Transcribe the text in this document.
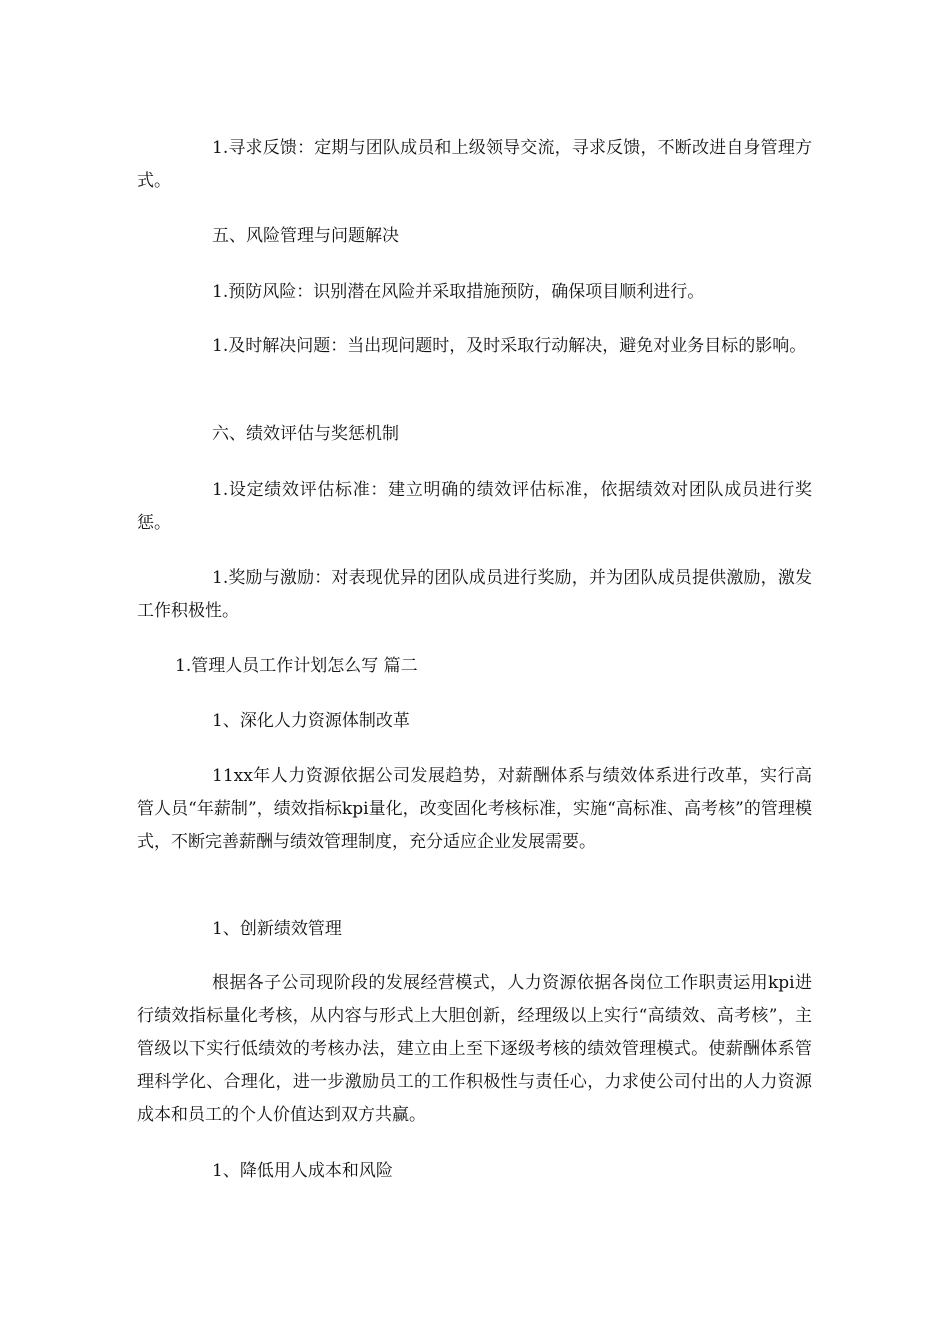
1.寻求反馈：定期与团队成员和上级领导交流，寻求反馈，不断改进自身管理方式。

五、风险管理与问题解决

1.预防风险：识别潜在风险并采取措施预防，确保项目顺利进行。

1.及时解决问题：当出现问题时，及时采取行动解决，避免对业务目标的影响。

六、绩效评估与奖惩机制

1.设定绩效评估标准：建立明确的绩效评估标准，依据绩效对团队成员进行奖惩。

1.奖励与激励：对表现优异的团队成员进行奖励，并为团队成员提供激励，激发工作积极性。

1.管理人员工作计划怎么写 篇二

1、深化人力资源体制改革

11xx年人力资源依据公司发展趋势，对薪酬体系与绩效体系进行改革，实行高管人员“年薪制”，绩效指标kpi量化，改变固化考核标准，实施“高标准、高考核”的管理模式，不断完善薪酬与绩效管理制度，充分适应企业发展需要。

1、创新绩效管理

根据各子公司现阶段的发展经营模式，人力资源依据各岗位工作职责运用kpi进行绩效指标量化考核，从内容与形式上大胆创新，经理级以上实行“高绩效、高考核”，主管级以下实行低绩效的考核办法，建立由上至下逐级考核的绩效管理模式。使薪酬体系管理科学化、合理化，进一步激励员工的工作积极性与责任心，力求使公司付出的人力资源成本和员工的个人价值达到双方共赢。

1、降低用人成本和风险
